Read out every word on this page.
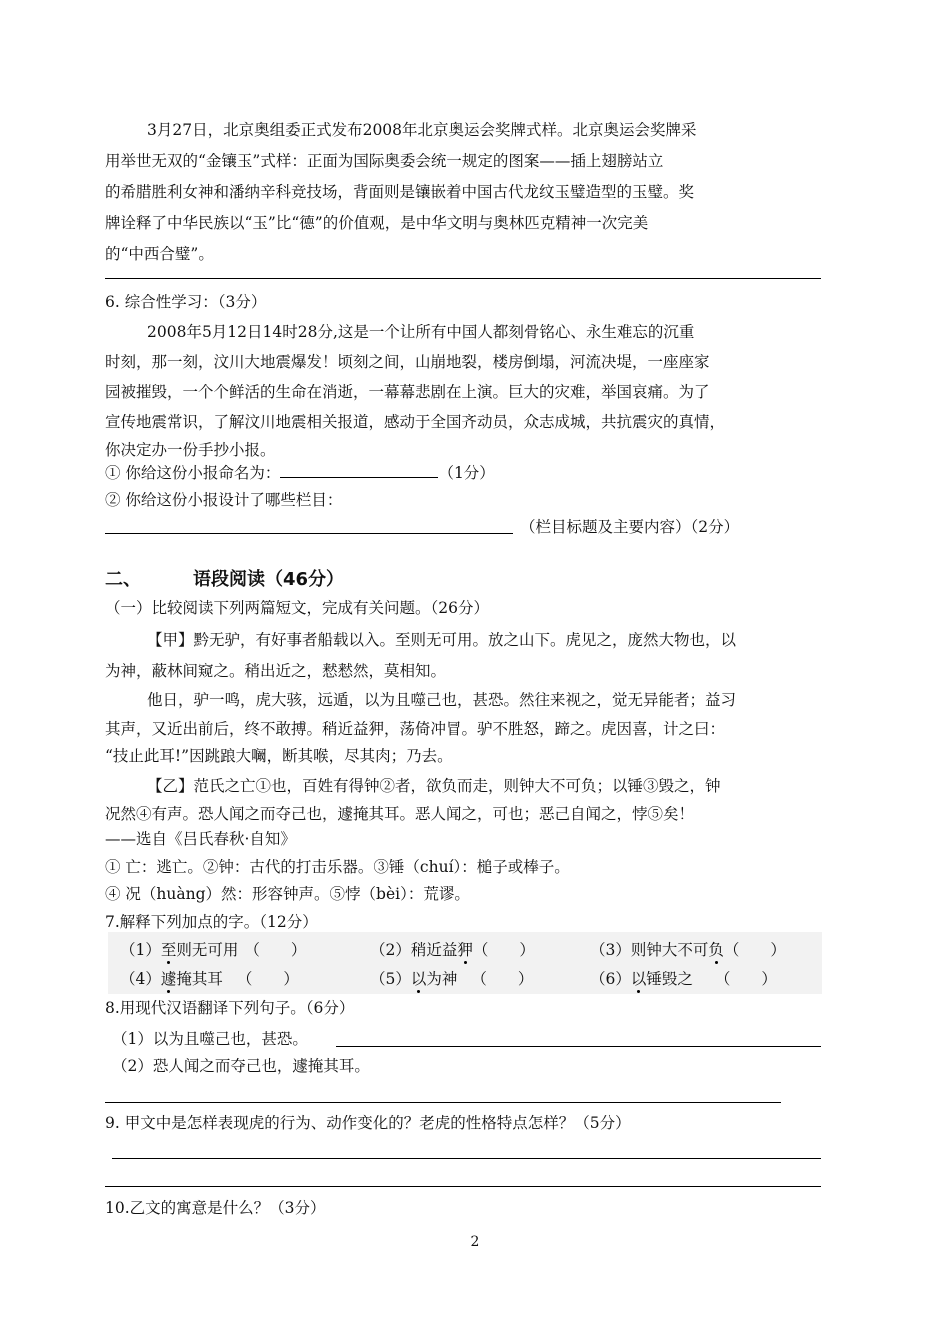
3月27日，北京奥组委正式发布2008年北京奥运会奖牌式样。北京奥运会奖牌采
用举世无双的“金镶玉”式样：正面为国际奥委会统一规定的图案——插上翅膀站立
的希腊胜利女神和潘纳辛科竞技场，背面则是镶嵌着中国古代龙纹玉璧造型的玉璧。奖
牌诠释了中华民族以“玉”比“德”的价值观，是中华文明与奥林匹克精神一次完美
的“中西合璧”。
6. 综合性学习：（3分）
2008年5月12日14时28分,这是一个让所有中国人都刻骨铭心、永生难忘的沉重
时刻，那一刻，汶川大地震爆发！顷刻之间，山崩地裂，楼房倒塌，河流决堤，一座座家
园被摧毁，一个个鲜活的生命在消逝，一幕幕悲剧在上演。巨大的灾难，举国哀痛。为了
宣传地震常识，了解汶川地震相关报道，感动于全国齐动员，众志成城，共抗震灾的真情，
你决定办一份手抄小报。
① 你给这份小报命名为：	（1分）
② 你给这份小报设计了哪些栏目：
（栏目标题及主要内容）（2分）
二、	语段阅读（46分）
（一）比较阅读下列两篇短文，完成有关问题。（26分）
【甲】黔无驴，有好事者船载以入。至则无可用。放之山下。虎见之，庞然大物也，以
为神，蔽林间窥之。稍出近之，慭慭然，莫相知。
他日，驴一鸣，虎大骇，远遁，以为且噬己也，甚恐。然往来视之，觉无异能者；益习
其声，又近出前后，终不敢搏。稍近益狎，荡倚冲冒。驴不胜怒，蹄之。虎因喜，计之曰：
“技止此耳!”因跳踉大㘎，断其喉，尽其肉；乃去。
【乙】范氏之亡①也，百姓有得钟②者，欲负而走，则钟大不可负；以锤③毁之，钟
况然④有声。恐人闻之而夺己也，遽掩其耳。恶人闻之，可也；恶己自闻之，悖⑤矣！
——选自《吕氏春秋·自知》
① 亡：逃亡。②钟：古代的打击乐器。③锤（chuí）：槌子或棒子。
④ 况（huàng）然：形容钟声。⑤悖（bèi）：荒谬。
7.解释下列加点的字。（12分）
（1）至则无可用 （　　）	（2）稍近益狎（　　）	（3）则钟大不可负（　　）
（4）遽掩其耳 （　　）	（5）以为神 （　　）	（6）以锤毁之 （　　）
8.用现代汉语翻译下列句子。（6分）
（1）以为且噬己也，甚恐。
（2）恐人闻之而夺己也，遽掩其耳。
9. 甲文中是怎样表现虎的行为、动作变化的？老虎的性格特点怎样？（5分）
10.乙文的寓意是什么？（3分）
2
